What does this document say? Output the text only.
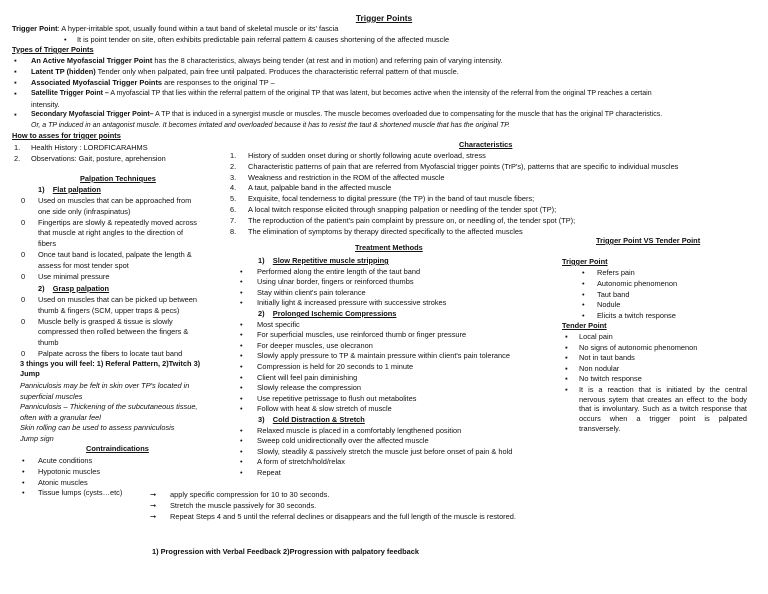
Trigger Points
Trigger Point: A hyper-irritable spot, usually found within a taut band of skeletal muscle or its' fascia
• It is point tender on site, often exhibits predictable pain referral pattern & causes shortening of the affected muscle
Types of Trigger Points
▪ An Active Myofascial Trigger Point has the 8 characteristics, always being tender (at rest and in motion) and referring pain of varying intensity.
▪ Latent TP (hidden) Tender only when palpated, pain free until palpated. Produces the characteristic referral pattern of that muscle.
▪ Associated Myofascial Trigger Points are responses to the original TP –
▪ Satellite Trigger Point – A myofascial TP that lies within the referral pattern of the original TP that was latent, but becomes active when the intensity of the referral from the original TP reaches a certain
intensity.
▪ Secondary Myofascial Trigger Point– A TP that is induced in a synergist muscle or muscles. The muscle becomes overloaded due to compensating for the muscle that has the original TP characteristics.
Or, a TP induced in an antagonist muscle. It becomes irritated and overloaded because it has to resist the taut & shortened muscle that has the original TP.
How to asses for trigger points
1. Health History : LORDFICARAHMS
2. Observations: Gait, posture, aprehension
Palpation Techniques
1)    Flat palpation
0 Used on muscles that can be approached from
one side only (infraspinatus)
0 Fingertips are slowly & repeatedly moved across
that muscle at right angles to the direction of
fibers
0 Once taut band is located, palpate the length &
assess for most tender spot
0 Use minimal pressure
2)    Grasp palpation
0 Used on muscles that can be picked up between
thumb & fingers (SCM, upper traps & pecs)
0 Muscle belly is grasped & tissue is slowly
compressed then rolled between the fingers &
thumb
0 Palpate across the fibers to locate taut band
3 things you will feel: 1) Referal Pattern, 2)Twitch 3)
Jump
Panniculosis may be felt in skin over TP's located in
superficial muscles
Panniculosis – Thickening of the subcutaneous tissue,
often with a granular feel
Skin rolling can be used to assess panniculosis
Jump sign
Contraindications
• Acute conditions
• Hypotonic muscles
• Atonic muscles
• Tissue lumps (cysts…etc)
Characteristics
1. History of sudden onset during or shortly following acute overload, stress
2. Characteristic patterns of pain that are referred from Myofascial trigger points (TrP's), patterns that are specific to individual muscles
3. Weakness and restriction in the ROM of the affected muscle
4. A taut, palpable band in the affected muscle
5. Exquisite, focal tenderness to digital pressure (the TP) in the band of taut muscle fibers;
6. A local twitch response elicited through snapping palpation or needling of the tender spot (TP);
7. The reproduction of the patient's pain complaint by pressure on, or needling of, the tender spot (TP);
8. The elimination of symptoms by therapy directed specifically to the affected muscles
Treatment Methods
1)    Slow Repetitive muscle stripping
• Performed along the entire length of the taut band
• Using ulnar border, fingers or reinforced thumbs
• Stay within client's pain tolerance
• Initially light & increased pressure with successive strokes
2)    Prolonged Ischemic Compressions
• Most specific
• For superficial muscles, use reinforced thumb or finger pressure
• For deeper muscles, use olecranon
• Slowly apply pressure to TP & maintain pressure within client's pain tolerance
• Compression is held for 20 seconds to 1 minute
• Client will feel pain diminishing
• Slowly release the compression
• Use repetitive petrissage to flush out metabolites
• Follow with heat & slow stretch of muscle
3)    Cold Distraction & Stretch
• Relaxed muscle is placed in a comfortably lengthened position
• Sweep cold unidirectionally over the affected muscle
• Slowly, steadily & passively stretch the muscle just before onset of pain & hold
• A form of stretch/hold/relax
• Repeat
➞ apply specific compression for 10 to 30 seconds.
➞ Stretch the muscle passively for 30 seconds.
➞ Repeat Steps 4 and 5 until the referral declines or disappears and the full length of the muscle is restored.
1) Progression with Verbal Feedback 2)Progression with palpatory feedback
Trigger Point VS Tender Point
Trigger Point
• Refers pain
• Autonomic phenomenon
• Taut band
• Nodule
• Elicits a twitch response
Tender Point
▪ Local pain
▪ No signs of autonomic phenomenon
▪ Not in taut bands
▪ Non nodular
▪ No twitch response
▪ It is a reaction that is initiated by the central nervous sytem that creates an effect to the body that is involuntary. Such as a twitch response that occurs when a trigger point is palpated transversely.
